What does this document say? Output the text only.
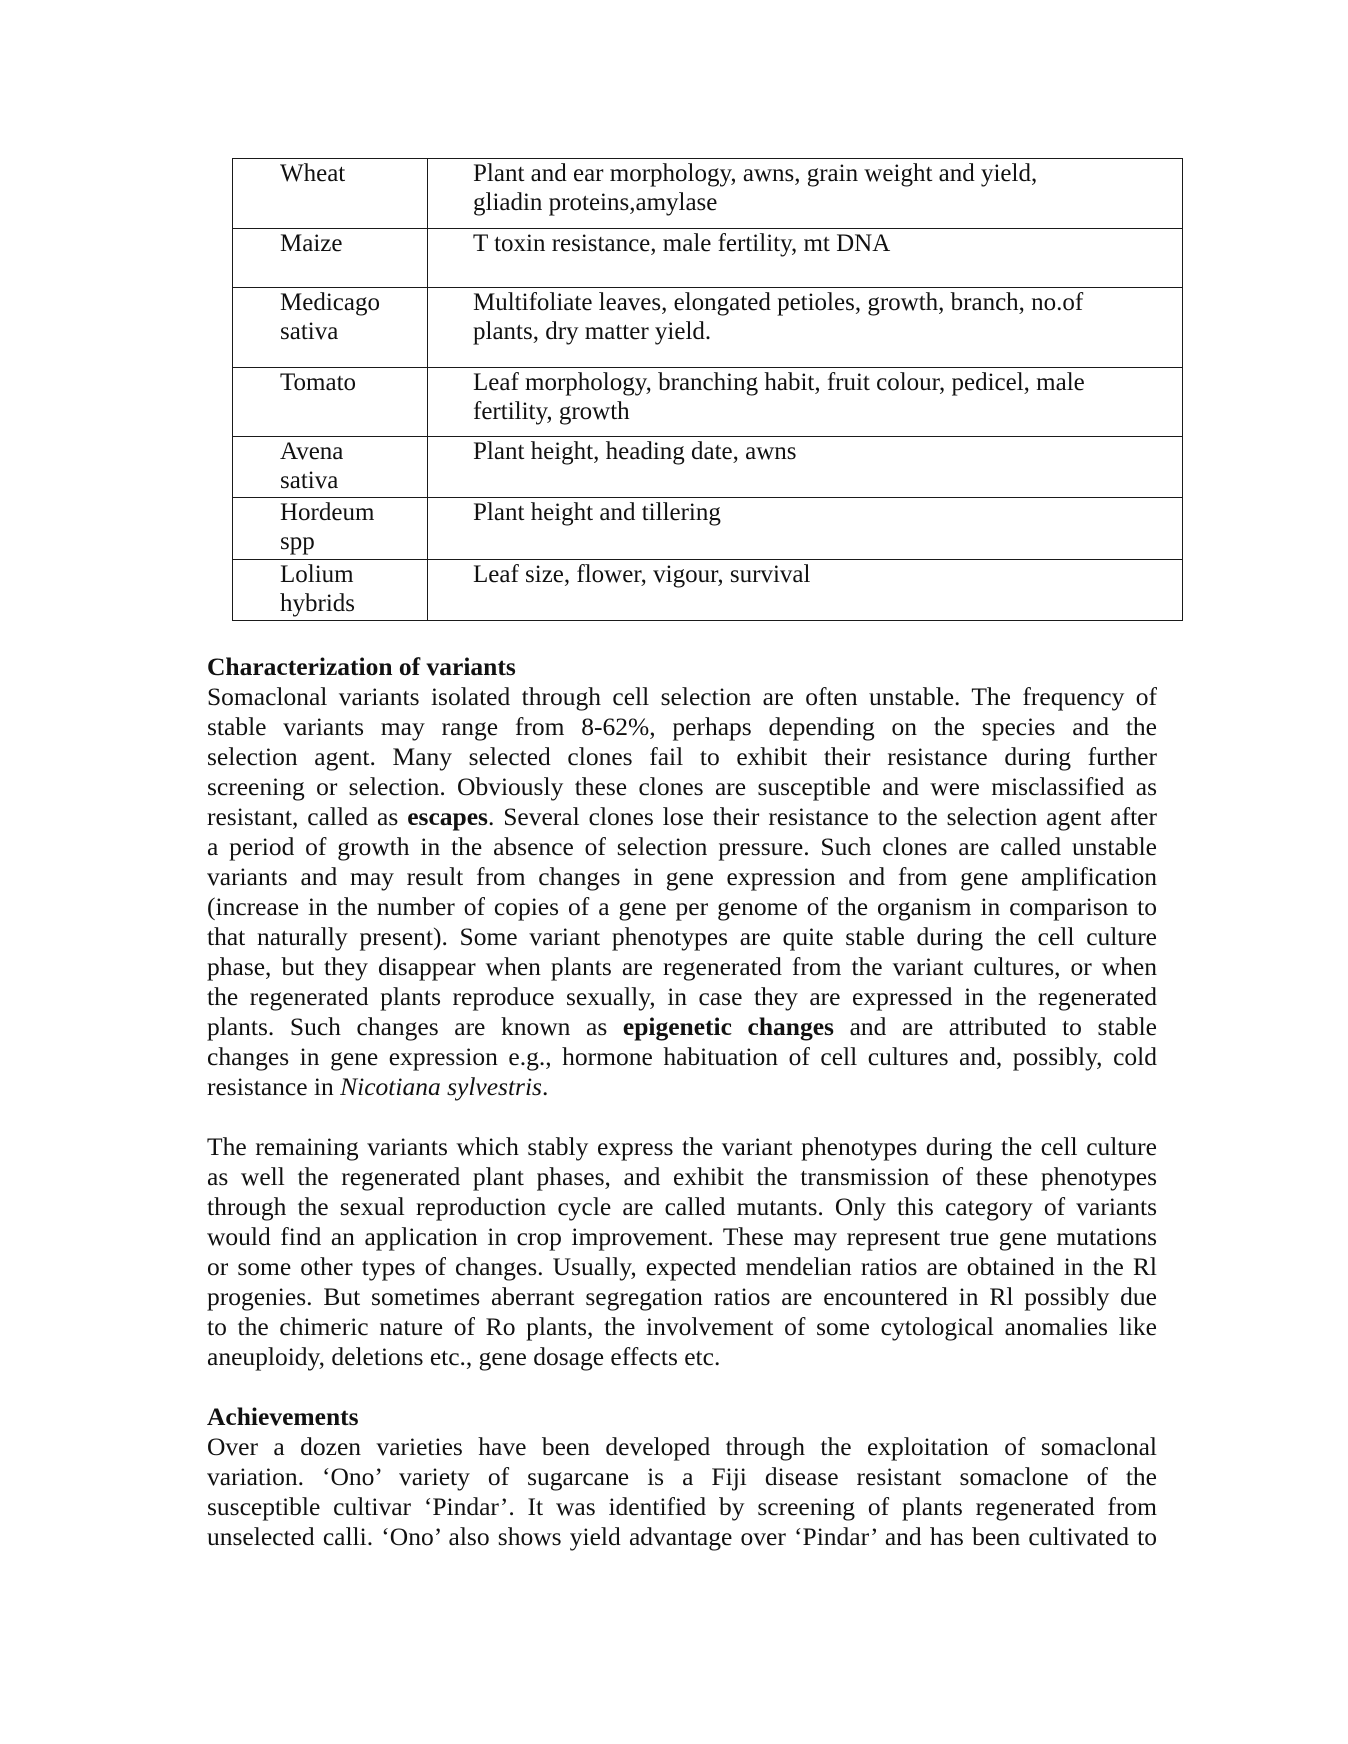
Wheat	Plant and ear morphology, awns, grain weight and yield,
gliadin proteins,amylase

Maize	T toxin resistance, male fertility, mt DNA

Medicago
sativa	Multifoliate leaves, elongated petioles, growth, branch, no.of
plants, dry matter yield.

Tomato	Leaf morphology, branching habit, fruit colour, pedicel, male
fertility, growth

Avena
sativa	Plant height, heading date, awns

Hordeum
spp	Plant height and tillering

Lolium
hybrids	Leaf size, flower, vigour, survival
Characterization of variants
Somaclonal variants isolated through cell selection are often unstable. The frequency of
stable variants may range from 8-62%, perhaps depending on the species and the
selection agent. Many selected clones fail to exhibit their resistance during further
screening or selection. Obviously these clones are susceptible and were misclassified as
resistant, called as escapes. Several clones lose their resistance to the selection agent after
a period of growth in the absence of selection pressure. Such clones are called unstable
variants and may result from changes in gene expression and from gene amplification
(increase in the number of copies of a gene per genome of the organism in comparison to
that naturally present). Some variant phenotypes are quite stable during the cell culture
phase, but they disappear when plants are regenerated from the variant cultures, or when
the regenerated plants reproduce sexually, in case they are expressed in the regenerated
plants. Such changes are known as epigenetic changes and are attributed to stable
changes in gene expression e.g., hormone habituation of cell cultures and, possibly, cold
resistance in Nicotiana sylvestris.
The remaining variants which stably express the variant phenotypes during the cell culture
as well the regenerated plant phases, and exhibit the transmission of these phenotypes
through the sexual reproduction cycle are called mutants. Only this category of variants
would find an application in crop improvement. These may represent true gene mutations
or some other types of changes. Usually, expected mendelian ratios are obtained in the Rl
progenies. But sometimes aberrant segregation ratios are encountered in Rl possibly due
to the chimeric nature of Ro plants, the involvement of some cytological anomalies like
aneuploidy, deletions etc., gene dosage effects etc.
Achievements
Over a dozen varieties have been developed through the exploitation of somaclonal
variation. ‘Ono’ variety of sugarcane is a Fiji disease resistant somaclone of the
susceptible cultivar ‘Pindar’. It was identified by screening of plants regenerated from
unselected calli. ‘Ono’ also shows yield advantage over ‘Pindar’ and has been cultivated to
